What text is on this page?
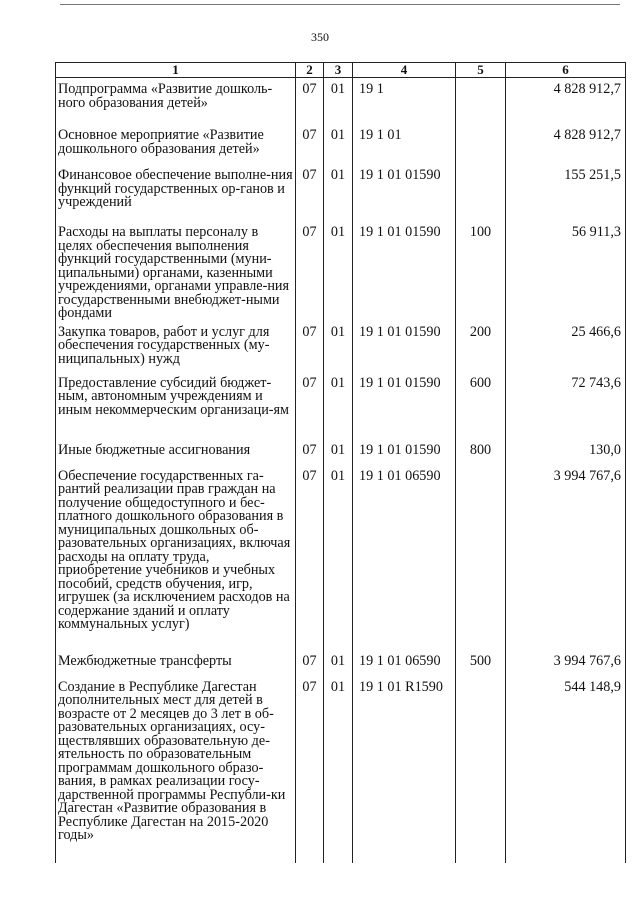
350
1	2	3	4	5	6
Подпрограмма «Развитие дошколь-ного образования детей»	07	01	19 1		4 828 912,7
Основное мероприятие «Развитие дошкольного образования детей»	07	01	19 1 01		4 828 912,7
Финансовое обеспечение выполне-ния функций государственных ор-ганов и учреждений	07	01	19 1 01 01590		155 251,5
Расходы на выплаты персоналу в целях обеспечения выполнения функций государственными (муни-ципальными) органами, казенными учреждениями, органами управле-ния государственными внебюджет-ными фондами	07	01	19 1 01 01590	100	56 911,3
Закупка товаров, работ и услуг для обеспечения государственных (му-ниципальных) нужд	07	01	19 1 01 01590	200	25 466,6
Предоставление субсидий бюджет-ным, автономным учреждениям и иным некоммерческим организаци-ям	07	01	19 1 01 01590	600	72 743,6
Иные бюджетные ассигнования	07	01	19 1 01 01590	800	130,0
Обеспечение государственных га-рантий реализации прав граждан на получение общедоступного и бес-платного дошкольного образования в муниципальных дошкольных об-разовательных организациях, включая расходы на оплату труда, приобретение учебников и учебных пособий, средств обучения, игр, игрушек (за исключением расходов на содержание зданий и оплату коммунальных услуг)	07	01	19 1 01 06590		3 994 767,6
Межбюджетные трансферты	07	01	19 1 01 06590	500	3 994 767,6
Создание в Республике Дагестан дополнительных мест для детей в возрасте от 2 месяцев до 3 лет в об-разовательных организациях, осу-ществлявших образовательную де-ятельность по образовательным программам дошкольного образо-вания, в рамках реализации госу-дарственной программы Республи-ки Дагестан «Развитие образования в Республике Дагестан на 2015-2020 годы»	07	01	19 1 01 R1590		544 148,9
